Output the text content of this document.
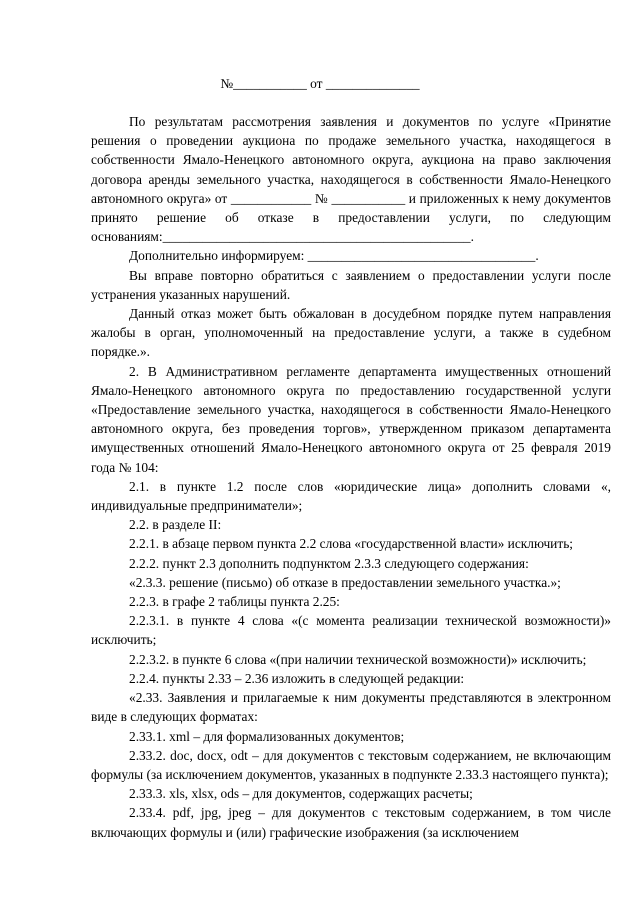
№___________ от ______________

По результатам рассмотрения заявления и документов по услуге «Принятие решения о проведении аукциона по продаже земельного участка, находящегося в собственности Ямало-Ненецкого автономного округа, аукциона на право заключения договора аренды земельного участка, находящегося в собственности Ямало-Ненецкого автономного округа» от ____________ № ___________ и приложенных к нему документов принято решение об отказе в предоставлении услуги, по следующим основаниям:______________________________________________.

Дополнительно информируем: __________________________________.

Вы вправе повторно обратиться с заявлением о предоставлении услуги после устранения указанных нарушений.

Данный отказ может быть обжалован в досудебном порядке путем направления жалобы в орган, уполномоченный на предоставление услуги, а также в судебном порядке.».

2. В Административном регламенте департамента имущественных отношений Ямало-Ненецкого автономного округа по предоставлению государственной услуги «Предоставление земельного участка, находящегося в собственности Ямало-Ненецкого автономного округа, без проведения торгов», утвержденном приказом департамента имущественных отношений Ямало-Ненецкого автономного округа от 25 февраля 2019 года № 104:

2.1. в пункте 1.2 после слов «юридические лица» дополнить словами «, индивидуальные предприниматели»;

2.2. в разделе II:

2.2.1. в абзаце первом пункта 2.2 слова «государственной власти» исключить;

2.2.2. пункт 2.3 дополнить подпунктом 2.3.3 следующего содержания:

«2.3.3. решение (письмо) об отказе в предоставлении земельного участка.»;

2.2.3. в графе 2 таблицы пункта 2.25:

2.2.3.1. в пункте 4 слова «(с момента реализации технической возможности)» исключить;

2.2.3.2. в пункте 6 слова «(при наличии технической возможности)» исключить;

2.2.4. пункты 2.33 – 2.36 изложить в следующей редакции:

«2.33. Заявления и прилагаемые к ним документы представляются в электронном виде в следующих форматах:

2.33.1. xml – для формализованных документов;

2.33.2. doc, docx, odt – для документов с текстовым содержанием, не включающим формулы (за исключением документов, указанных в подпункте 2.33.3 настоящего пункта);

2.33.3. xls, xlsx, ods – для документов, содержащих расчеты;

2.33.4. pdf, jpg, jpeg – для документов с текстовым содержанием, в том числе включающих формулы и (или) графические изображения (за исключением
